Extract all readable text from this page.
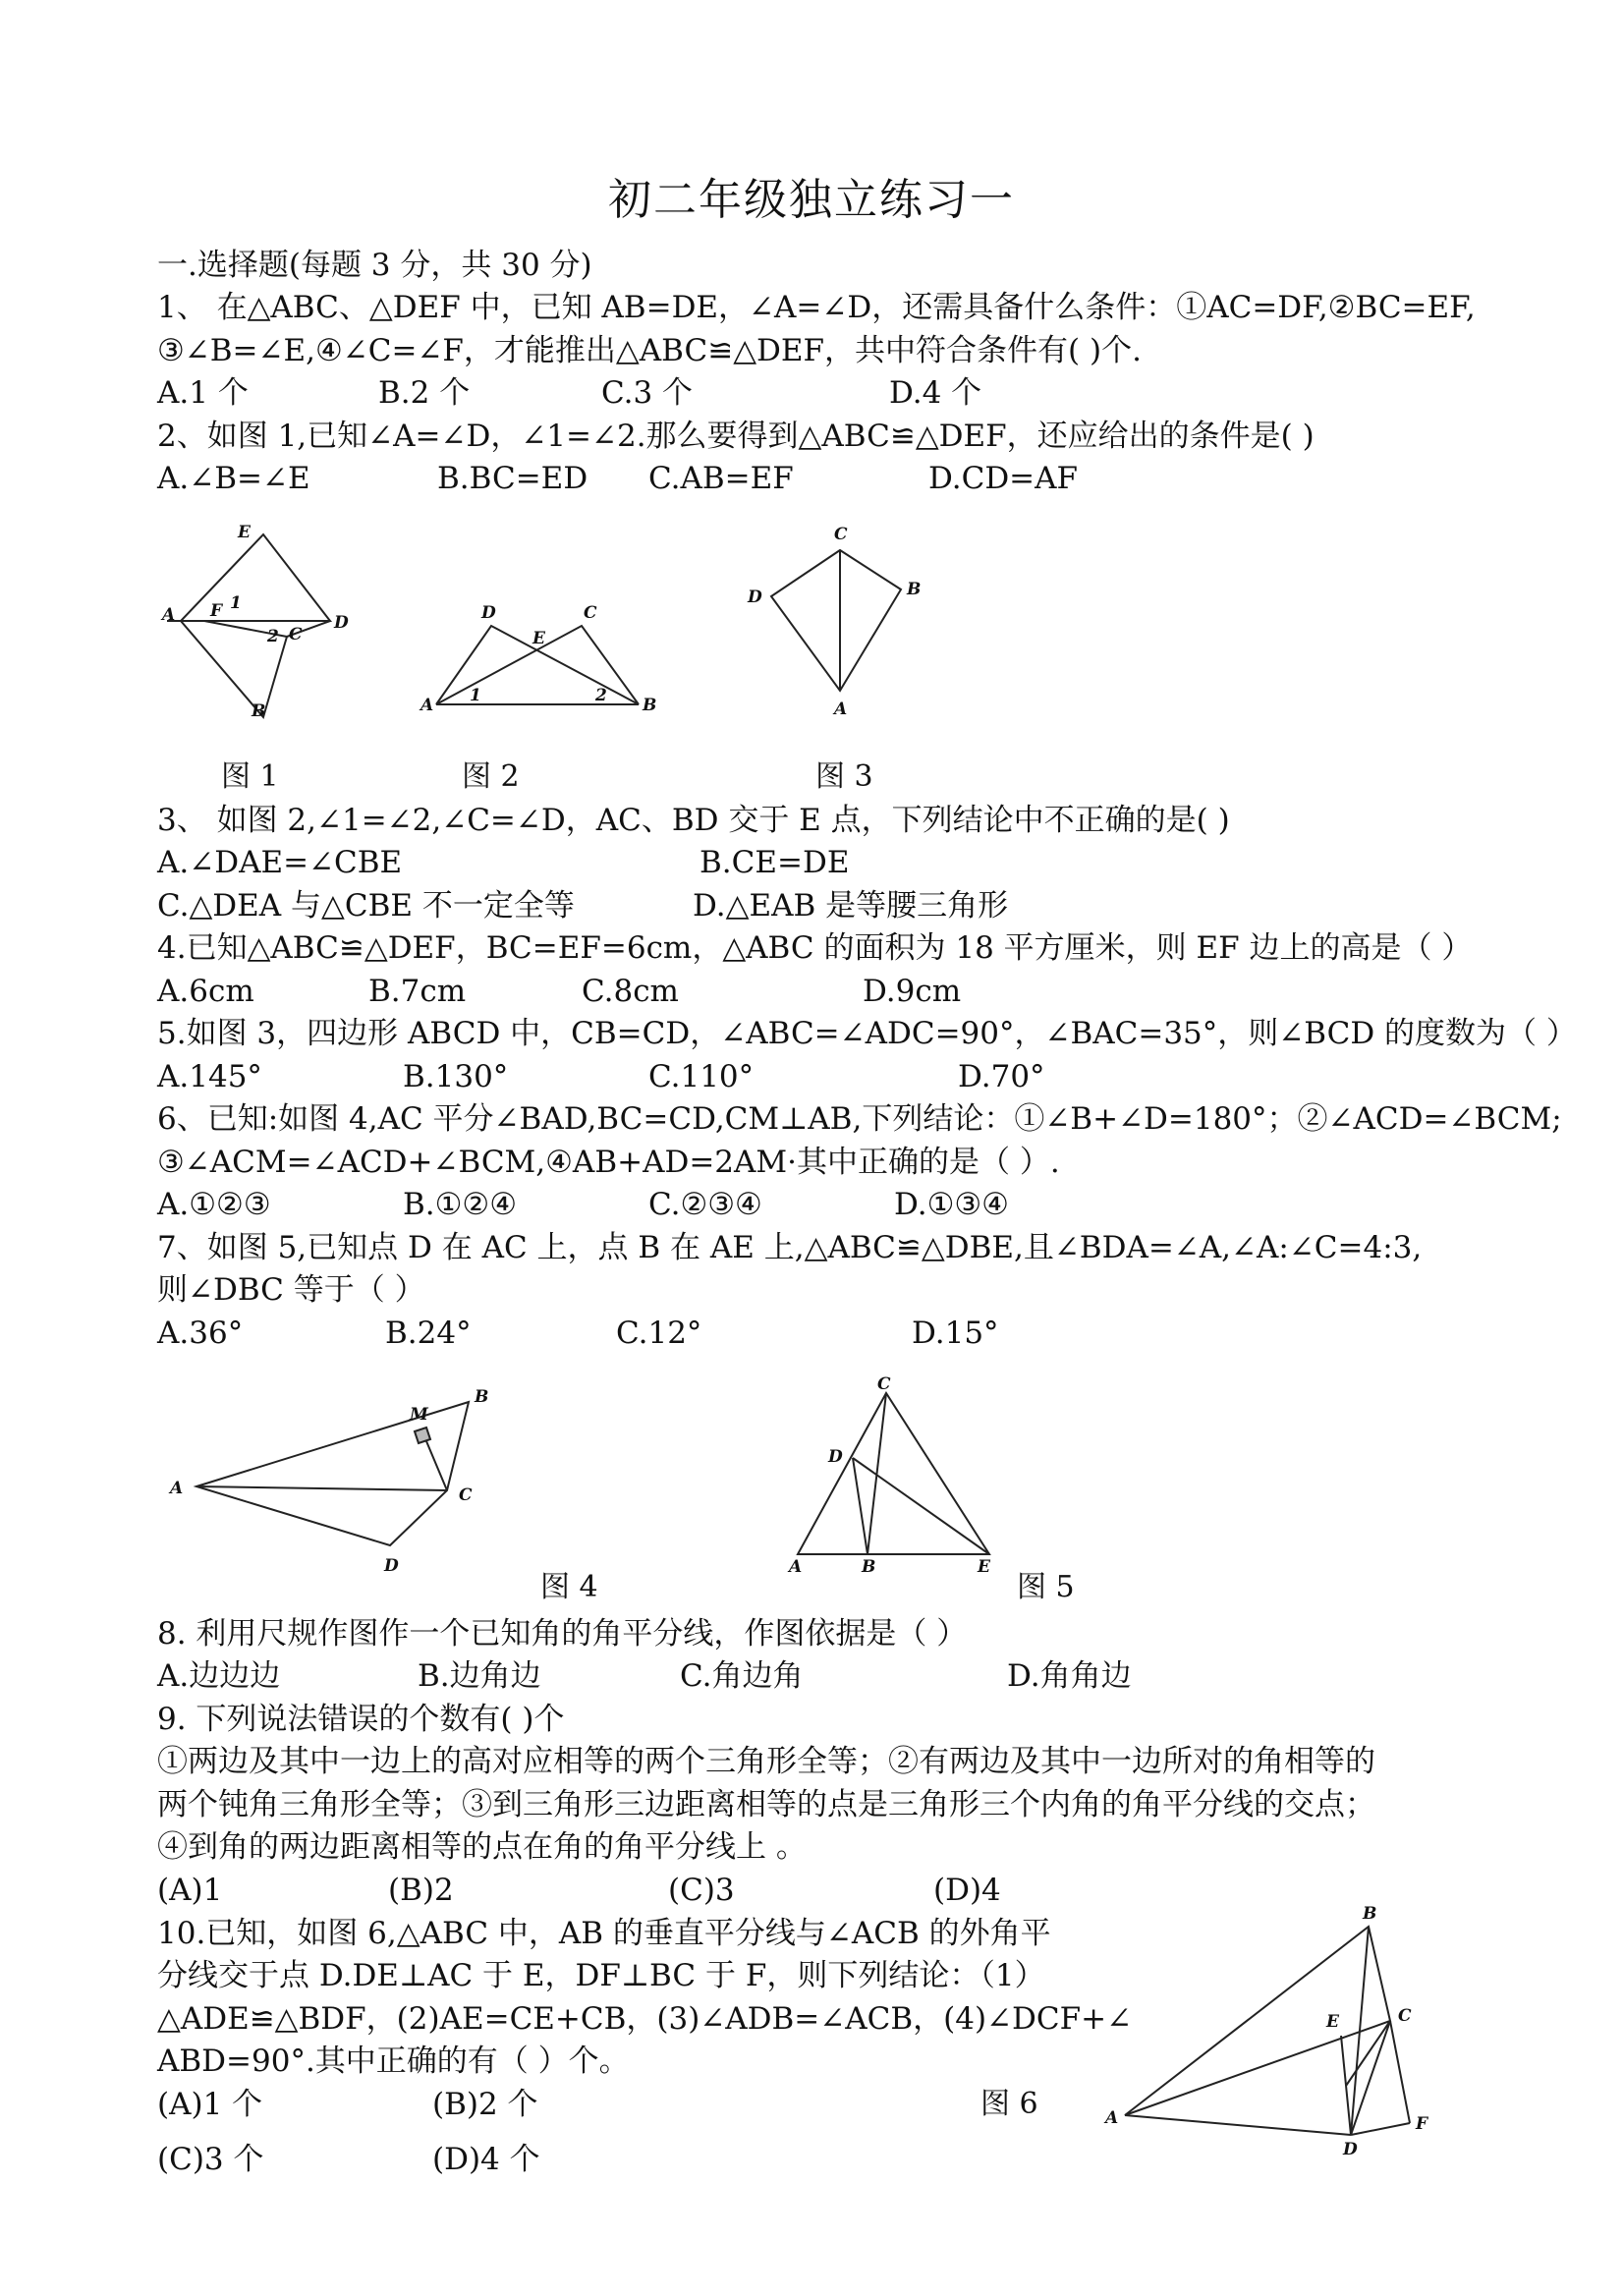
初二年级独立练习一
一.选择题(每题 3 分，共 30 分)
1、 在△ABC、△DEF 中，已知 AB=DE，∠A=∠D，还需具备什么条件：①AC=DF,②BC=EF,
③∠B=∠E,④∠C=∠F，才能推出△ABC≌△DEF，共中符合条件有( )个.
A.1 个	B.2 个	C.3 个	D.4 个
2、如图 1,已知∠A=∠D，∠1=∠2.那么要得到△ABC≌△DEF，还应给出的条件是( )
A.∠B=∠E	B.BC=ED C.AB=EF	D.CD=AF
E
A F 1
2 C
D
B
D
E
C
A 1	2 B
C
D	B
A
图 1	图 2	图 3
3、 如图 2,∠1=∠2,∠C=∠D，AC、BD 交于 E 点，下列结论中不正确的是( )
A.∠DAE=∠CBE	B.CE=DE
C.△DEA 与△CBE 不一定全等	D.△EAB 是等腰三角形
4.已知△ABC≌△DEF，BC=EF=6cm，△ABC 的面积为 18 平方厘米，则 EF 边上的高是（ ）
A.6cm	B.7cm	C.8cm	D.9cm
5.如图 3，四边形 ABCD 中，CB=CD，∠ABC=∠ADC=90°，∠BAC=35°，则∠BCD 的度数为（ ）
A.145°	B.130°	C.110°	D.70°
6、已知:如图 4,AC 平分∠BAD,BC=CD,CM⊥AB,下列结论：①∠B+∠D=180°；②∠ACD=∠BCM;
③∠ACM=∠ACD+∠BCM,④AB+AD=2AM·其中正确的是（ ）.
A.①②③	B.①②④	C.②③④	D.①③④
7、如图 5,已知点 D 在 AC 上，点 B 在 AE 上,△ABC≌△DBE,且∠BDA=∠A,∠A:∠C=4:3,
则∠DBC 等于（ ）
A.36°	B.24°	C.12°	D.15°
M
B
A	C
D
C
D
A	B	E
图 4	图 5
8. 利用尺规作图作一个已知角的角平分线，作图依据是（ ）
A.边边边	B.边角边	C.角边角	D.角角边
9. 下列说法错误的个数有( )个
①两边及其中一边上的高对应相等的两个三角形全等；②有两边及其中一边所对的角相等的
两个钝角三角形全等；③到三角形三边距离相等的点是三角形三个内角的角平分线的交点；
④到角的两边距离相等的点在角的角平分线上 。
(A)1	(B)2	(C)3	(D)4
10.已知，如图 6,△ABC 中，AB 的垂直平分线与∠ACB 的外角平
分线交于点 D.DE⊥AC 于 E，DF⊥BC 于 F，则下列结论：（1）
△ADE≌△BDF，(2)AE=CE+CB，(3)∠ADB=∠ACB，(4)∠DCF+∠
ABD=90°.其中正确的有（ ）个。
(A)1 个	(B)2 个
(C)3 个	(D)4 个
图 6
B
E	C
A	F
D
